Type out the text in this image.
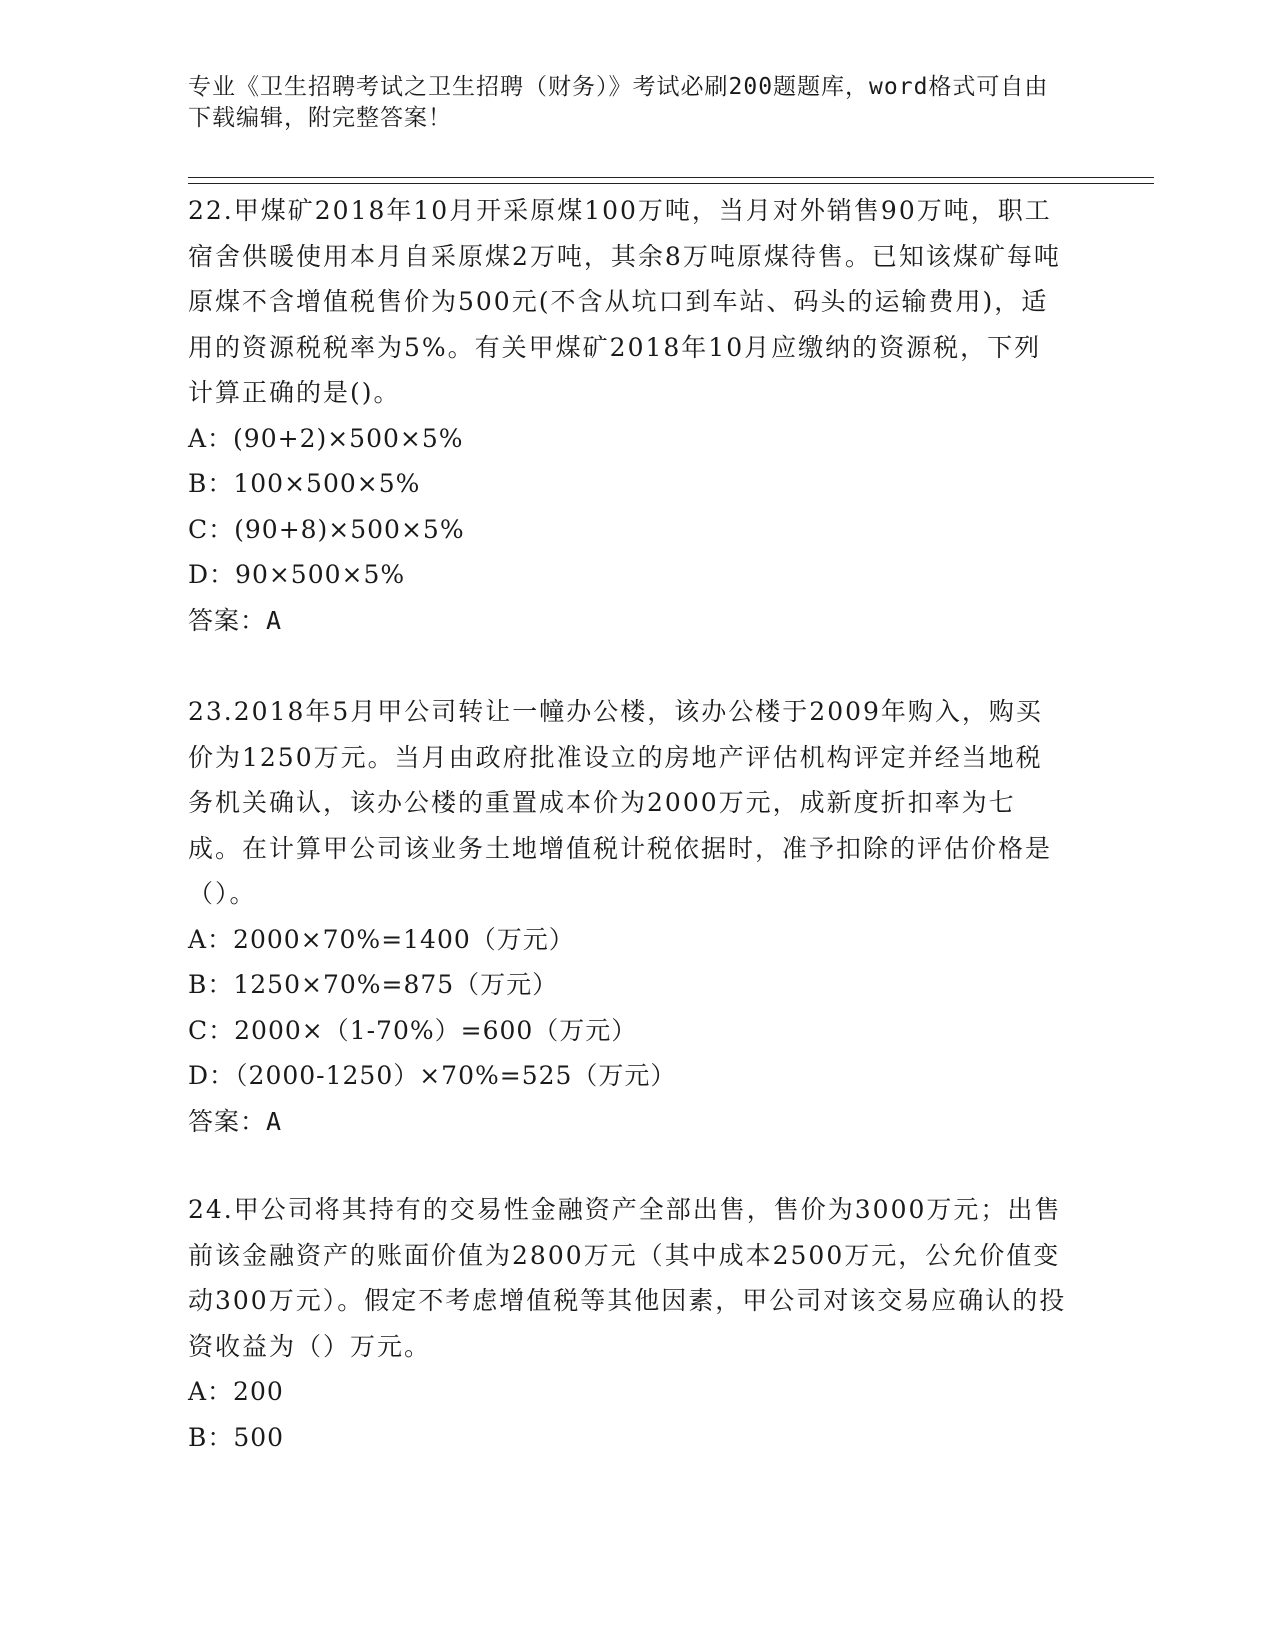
专业《卫生招聘考试之卫生招聘（财务）》考试必刷200题题库，word格式可自由下载编辑，附完整答案！

22.甲煤矿2018年10月开采原煤100万吨，当月对外销售90万吨，职工宿舍供暖使用本月自采原煤2万吨，其余8万吨原煤待售。已知该煤矿每吨原煤不含增值税售价为500元(不含从坑口到车站、码头的运输费用)，适用的资源税税率为5%。有关甲煤矿2018年10月应缴纳的资源税，下列计算正确的是()。

A：(90+2)×500×5%

B：100×500×5%

C：(90+8)×500×5%

D：90×500×5%

答案：A

23.2018年5月甲公司转让一幢办公楼，该办公楼于2009年购入，购买价为1250万元。当月由政府批准设立的房地产评估机构评定并经当地税务机关确认，该办公楼的重置成本价为2000万元，成新度折扣率为七成。在计算甲公司该业务土地增值税计税依据时，准予扣除的评估价格是（）。

A：2000×70%=1400（万元）

B：1250×70%=875（万元）

C：2000×（1-70%）=600（万元）

D：（2000-1250）×70%=525（万元）

答案：A

24.甲公司将其持有的交易性金融资产全部出售，售价为3000万元；出售前该金融资产的账面价值为2800万元（其中成本2500万元，公允价值变动300万元）。假定不考虑增值税等其他因素，甲公司对该交易应确认的投资收益为（）万元。

A：200

B：500
